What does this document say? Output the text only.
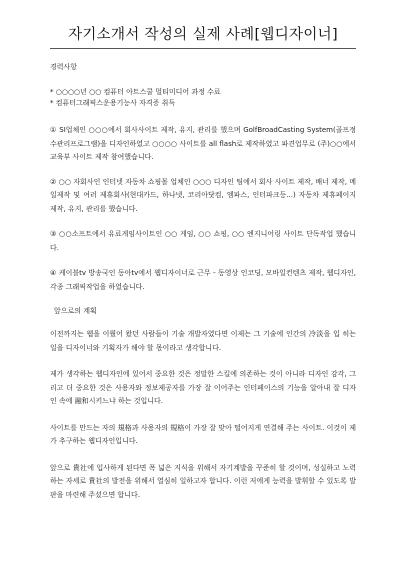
자기소개서 작성의 실제 사례[웹디자이너]
경력사항
* ○○○○년 ○○ 컴퓨터 아트스쿨 멀티미디어 과정 수료
* 컴퓨터그래픽스운용기능사 자격증 취득

① SI업체인 ○○○에서 회사사이트 제작, 유지, 관리를 했으며 GolfBroadCasting System(골프정수관리프로그램)을 디자인하였고 ○○○○ 사이트를 all flash로 제작하였고 파견업무로 (주)○○에서 교육부 사이트 제작 참여했습니다.

② ○○ 자회사인 인터넷 자동차 쇼핑몰 업체인 ○○○ 디자인 팀에서 회사 사이트 제작, 배너 제작, 메일제작 및 여러 제휴회사(현대카드, 하나넷, 코리아닷컴, 엠파스, 인터파크등...) 자동차 제휴페이지 제작, 유지, 관리를 했습니다.

③ ○○소프트에서 유료게임사이트인 ○○ 게임, ○○ 쇼핑, ○○ 엔지니어링 사이트 단독작업 했습니다.

④ 케이블tv 방송국인 동아tv에서 웹디자이너로 근무 - 동영상 인코딩, 모바일컨텐츠 제작, 웹디자인, 각종 그래픽작업을 하였습니다.

앞으로의 계획

이전까지는 웹을 이뤘어 왔던 사람들이 기술 개발자였다면 이제는 그 기술에 인간의 冷淡을 입 히는 일을 디자이너와 기획자가 해야 할 몫이라고 생각합니다.

제가 생각하는 웹디자인에 있어서 중요한 것은 정말한 스킬에 의존하는 것이 아니라 디자인 감각, 그리고 더 중요한 것은 사용자와 정보제공자를 가장 잘 이어주는 인터페이스의 기능을 알아내 잘 디자인 속에 融和시키느냐 하는 것입니다.

사이트를 만드는 자의 規格과 사용자의 規格이 가장 잘 맞아 떨어지게 연결해 주는 사이트. 이것이 제가 추구하는 웹디자인입니다.

앞으로 貴社에 입사하게 된다면 폭 넓은 지식을 위해서 자기계발을 꾸준히 할 것이며, 성실하고 노력하는 자세로 貴社의 발전을 위해서 열심히 일하고자 합니다. 이런 저에게 능력을 발휘할 수 있도록 발판을 마련해 주셨으면 합니다.
